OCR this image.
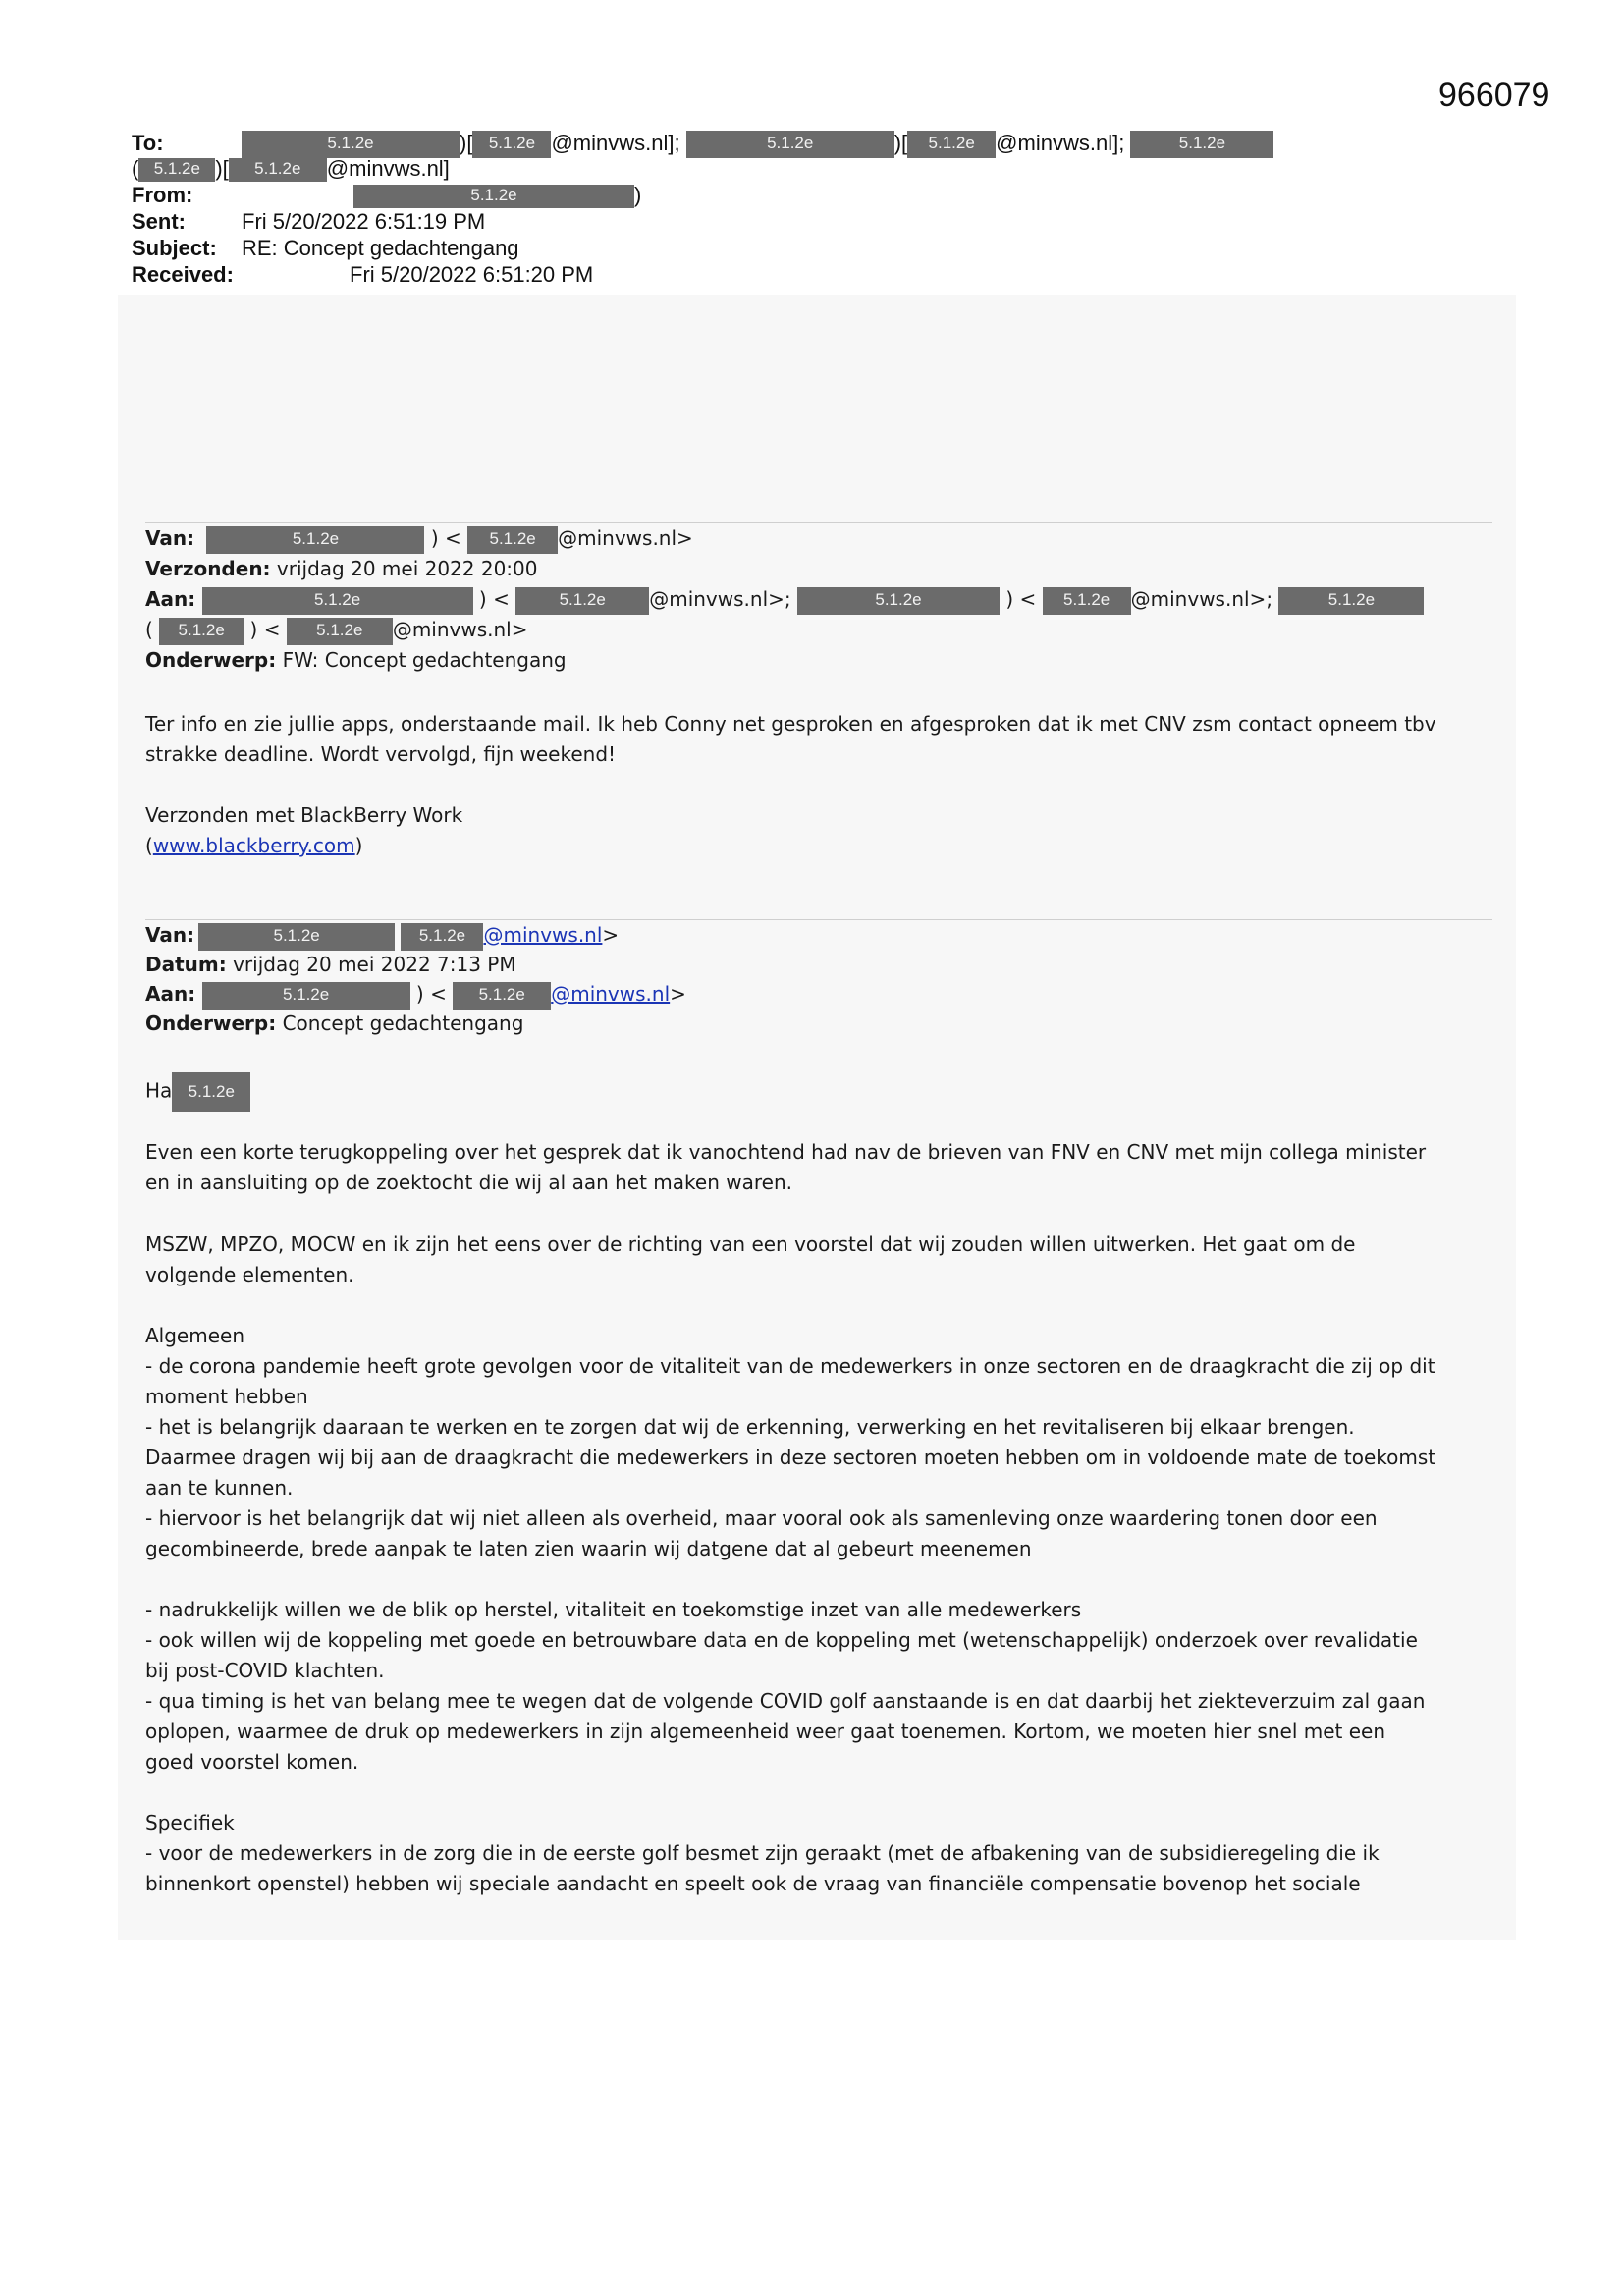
966079
To:	5.1.2e	)[ 5.1.2e @minvws.nl];	5.1.2e	)[ 5.1.2e @minvws.nl];	5.1.2e
( 5.1.2e )[ 5.1.2e @minvws.nl]
From:	5.1.2e	)
Sent:	Fri 5/20/2022 6:51:19 PM
Subject: RE: Concept gedachtengang
Received:	Fri 5/20/2022 6:51:20 PM
Van:	5.1.2e	) < 5.1.2e @minvws.nl>
Verzonden: vrijdag 20 mei 2022 20:00
Aan:	5.1.2e	) <	5.1.2e @minvws.nl>;	5.1.2e	) < 5.1.2e @minvws.nl>;	5.1.2e
( 5.1.2e ) < 5.1.2e @minvws.nl>
Onderwerp: FW: Concept gedachtengang
Ter info en zie jullie apps, onderstaande mail. Ik heb Conny net gesproken en afgesproken dat ik met CNV zsm contact opneem tbv
strakke deadline. Wordt vervolgd, fijn weekend!
Verzonden met BlackBerry Work
(www.blackberry.com)
Van:	5.1.2e	5.1.2e @minvws.nl>
Datum: vrijdag 20 mei 2022 7:13 PM
Aan:	5.1.2e	) < 5.1.2e @minvws.nl>
Onderwerp: Concept gedachtengang
Ha 5.1.2e
Even een korte terugkoppeling over het gesprek dat ik vanochtend had nav de brieven van FNV en CNV met mijn collega minister
en in aansluiting op de zoektocht die wij al aan het maken waren.
MSZW, MPZO, MOCW en ik zijn het eens over de richting van een voorstel dat wij zouden willen uitwerken. Het gaat om de
volgende elementen.
Algemeen
- de corona pandemie heeft grote gevolgen voor de vitaliteit van de medewerkers in onze sectoren en de draagkracht die zij op dit
moment hebben
- het is belangrijk daaraan te werken en te zorgen dat wij de erkenning, verwerking en het revitaliseren bij elkaar brengen.
Daarmee dragen wij bij aan de draagkracht die medewerkers in deze sectoren moeten hebben om in voldoende mate de toekomst
aan te kunnen.
- hiervoor is het belangrijk dat wij niet alleen als overheid, maar vooral ook als samenleving onze waardering tonen door een
gecombineerde, brede aanpak te laten zien waarin wij datgene dat al gebeurt meenemen
- nadrukkelijk willen we de blik op herstel, vitaliteit en toekomstige inzet van alle medewerkers
- ook willen wij de koppeling met goede en betrouwbare data en de koppeling met (wetenschappelijk) onderzoek over revalidatie
bij post-COVID klachten.
- qua timing is het van belang mee te wegen dat de volgende COVID golf aanstaande is en dat daarbij het ziekteverzuim zal gaan
oplopen, waarmee de druk op medewerkers in zijn algemeenheid weer gaat toenemen. Kortom, we moeten hier snel met een
goed voorstel komen.
Specifiek
- voor de medewerkers in de zorg die in de eerste golf besmet zijn geraakt (met de afbakening van de subsidieregeling die ik
binnenkort openstel) hebben wij speciale aandacht en speelt ook de vraag van financiële compensatie bovenop het sociale
